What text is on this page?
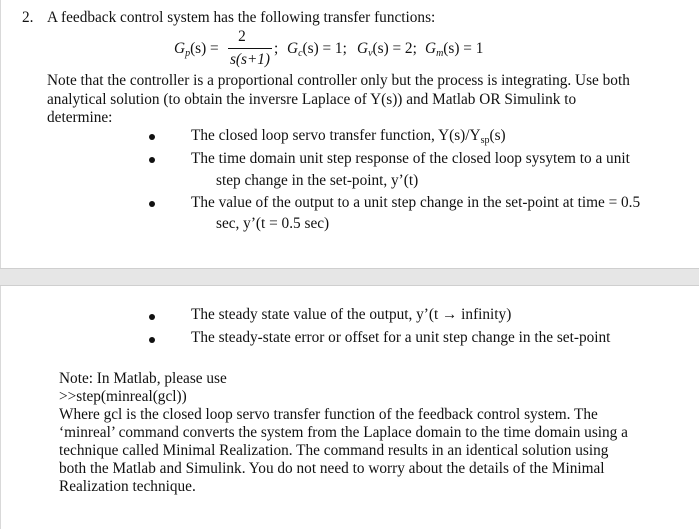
2. A feedback control system has the following transfer functions:
$G_p(s)$ =
2
s(s+1)
; $G_c(s) = 1$; $G_v(s) = 2$; $G_m(s) = 1$
Note that the controller is a proportional controller only but the process is integrating. Use both
analytical solution (to obtain the inversre Laplace of Y(s)) and Matlab OR Simulink to
determine:
The closed loop servo transfer function, $Y(s)/Y_{sp}(s)$
The time domain unit step response of the closed loop sysytem to a unit
step change in the set-point, y’(t)
The value of the output to a unit step change in the set-point at time = 0.5
sec, y’(t = 0.5 sec)
The steady state value of the output, y’(t → infinity)
The steady-state error or offset for a unit step change in the set-point
Note: In Matlab, please use
>>step(minreal(gcl))
Where gcl is the closed loop servo transfer function of the feedback control system. The
‘minreal’ command converts the system from the Laplace domain to the time domain using a
technique called Minimal Realization. The command results in an identical solution using
both the Matlab and Simulink. You do not need to worry about the details of the Minimal
Realization technique.
